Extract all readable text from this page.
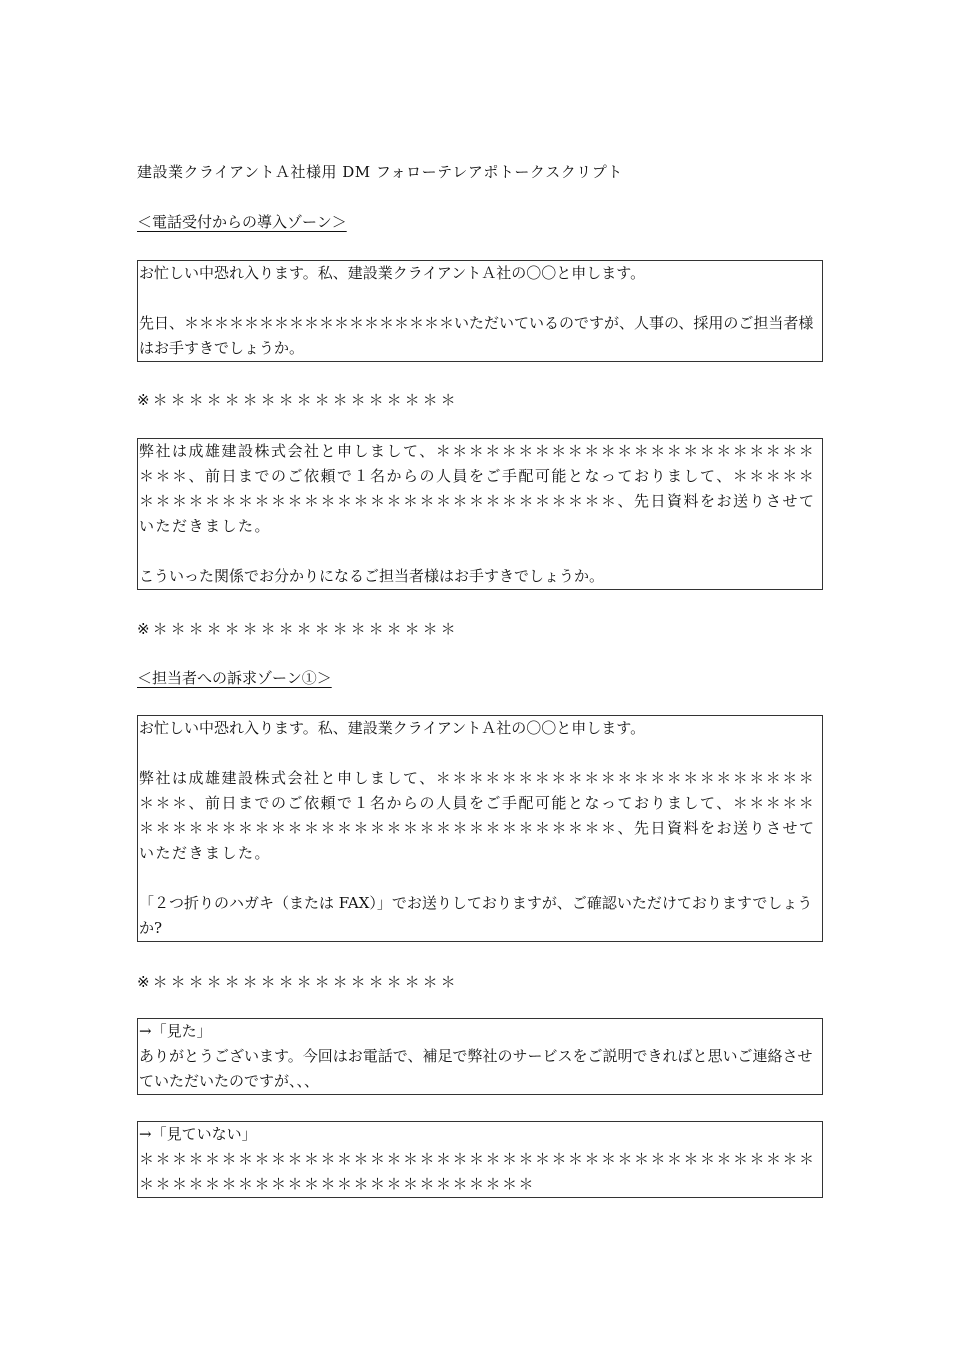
建設業クライアントＡ社様用 DM フォローテレアポトークスクリプト
＜電話受付からの導入ゾーン＞

お忙しい中恐れ入ります。私、建設業クライアントＡ社の〇〇と申します。

先日、＊＊＊＊＊＊＊＊＊＊＊＊＊＊＊＊＊＊いただいているのですが、人事の、採用のご担当者様はお手すきでしょうか。

※＊＊＊＊＊＊＊＊＊＊＊＊＊＊＊＊＊

弊社は成雄建設株式会社と申しまして、＊＊＊＊＊＊＊＊＊＊＊＊＊＊＊＊＊＊＊＊＊＊＊＊＊＊、前日までのご依頼で１名からの人員をご手配可能となっておりまして、＊＊＊＊＊＊＊＊＊＊＊＊＊＊＊＊＊＊＊＊＊＊＊＊＊＊＊＊＊＊＊＊＊＊、先日資料をお送りさせていただきました。

こういった関係でお分かりになるご担当者様はお手すきでしょうか。

※＊＊＊＊＊＊＊＊＊＊＊＊＊＊＊＊＊
＜担当者への訴求ゾーン①＞

お忙しい中恐れ入ります。私、建設業クライアントＡ社の〇〇と申します。

弊社は成雄建設株式会社と申しまして、＊＊＊＊＊＊＊＊＊＊＊＊＊＊＊＊＊＊＊＊＊＊＊＊＊＊、前日までのご依頼で１名からの人員をご手配可能となっておりまして、＊＊＊＊＊＊＊＊＊＊＊＊＊＊＊＊＊＊＊＊＊＊＊＊＊＊＊＊＊＊＊＊＊＊、先日資料をお送りさせていただきました。

「２つ折りのハガキ（または FAX）」でお送りしておりますが、ご確認いただけておりますでしょうか?

※＊＊＊＊＊＊＊＊＊＊＊＊＊＊＊＊＊

→「見た」

ありがとうございます。今回はお電話で、補足で弊社のサービスをご説明できればと思いご連絡させていただいたのですが、、、

→「見ていない」

＊＊＊＊＊＊＊＊＊＊＊＊＊＊＊＊＊＊＊＊＊＊＊＊＊＊＊＊＊＊＊＊＊＊＊＊＊＊＊＊＊＊＊＊＊＊＊＊＊＊＊＊＊＊＊＊＊＊＊＊＊＊＊＊＊
